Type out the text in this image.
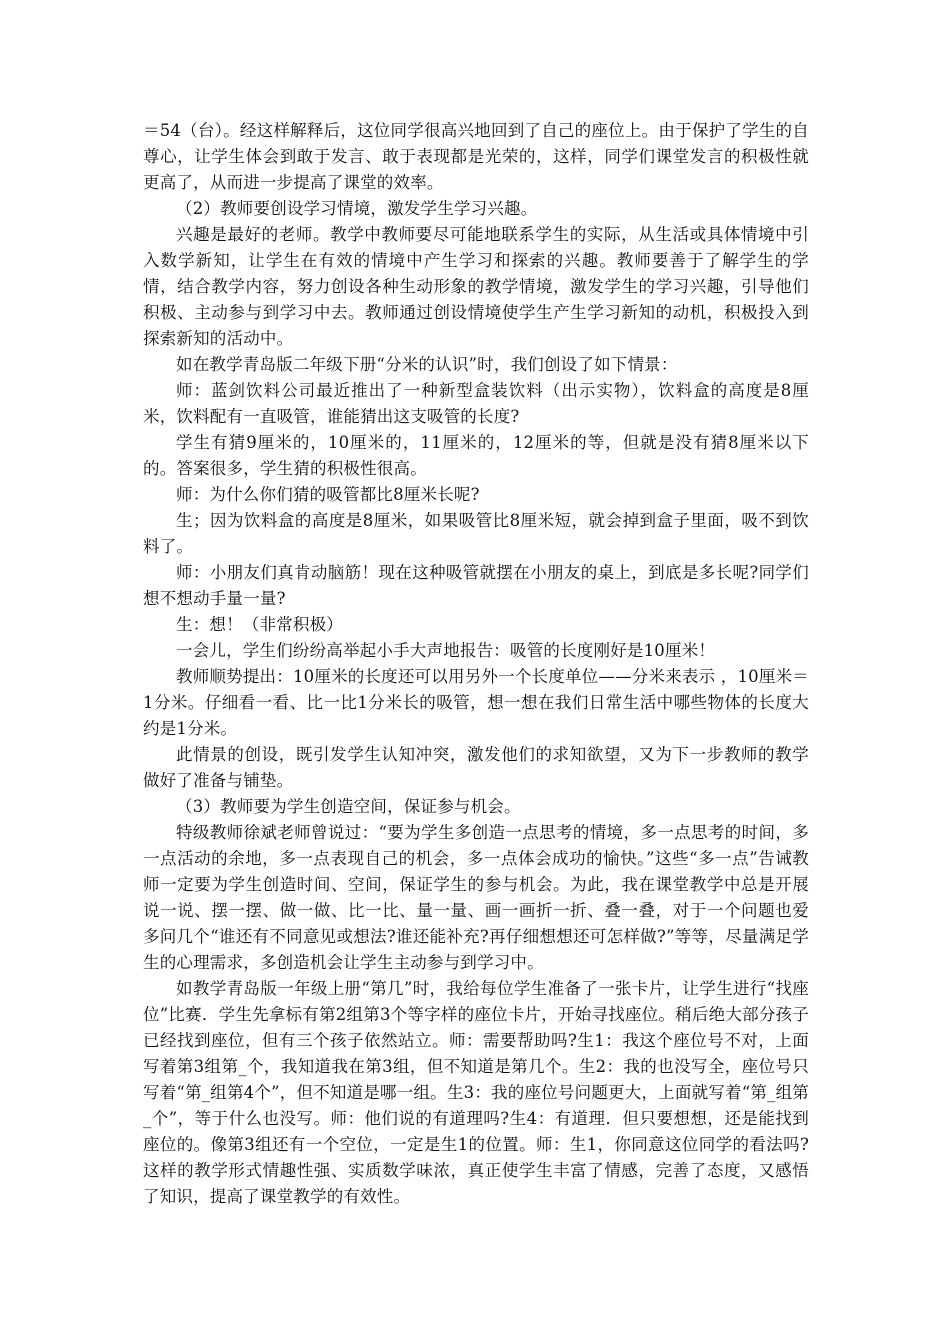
＝54（台）。经这样解释后，这位同学很高兴地回到了自己的座位上。由于保护了学生的自尊心，让学生体会到敢于发言、敢于表现都是光荣的，这样，同学们课堂发言的积极性就更高了，从而进一步提高了课堂的效率。

（2）教师要创设学习情境，激发学生学习兴趣。

兴趣是最好的老师。教学中教师要尽可能地联系学生的实际，从生活或具体情境中引入数学新知，让学生在有效的情境中产生学习和探索的兴趣。教师要善于了解学生的学情，结合教学内容，努力创设各种生动形象的教学情境，激发学生的学习兴趣，引导他们积极、主动参与到学习中去。教师通过创设情境使学生产生学习新知的动机，积极投入到探索新知的活动中。

如在教学青岛版二年级下册“分米的认识”时，我们创设了如下情景：

师：蓝剑饮料公司最近推出了一种新型盒装饮料（出示实物），饮料盒的高度是8厘米，饮料配有一直吸管，谁能猜出这支吸管的长度?

学生有猜9厘米的，10厘米的，11厘米的，12厘米的等，但就是没有猜8厘米以下的。答案很多，学生猜的积极性很高。

师：为什么你们猜的吸管都比8厘米长呢?

生；因为饮料盒的高度是8厘米，如果吸管比8厘米短，就会掉到盒子里面，吸不到饮料了。

师：小朋友们真肯动脑筋！现在这种吸管就摆在小朋友的桌上，到底是多长呢?同学们想不想动手量一量?

生：想！（非常积极）

一会儿，学生们纷纷高举起小手大声地报告：吸管的长度刚好是10厘米！

教师顺势提出：10厘米的长度还可以用另外一个长度单位——分米来表示 ，10厘米＝1分米。仔细看一看、比一比1分米长的吸管，想一想在我们日常生活中哪些物体的长度大约是1分米。

此情景的创设，既引发学生认知冲突，激发他们的求知欲望，又为下一步教师的教学做好了准备与铺垫。

（3）教师要为学生创造空间，保证参与机会。

特级教师徐斌老师曾说过：“要为学生多创造一点思考的情境，多一点思考的时间，多一点活动的余地，多一点表现自己的机会，多一点体会成功的愉快。”这些“多一点”告诫教师一定要为学生创造时间、空间，保证学生的参与机会。为此，我在课堂教学中总是开展说一说、摆一摆、做一做、比一比、量一量、画一画折一折、叠一叠，对于一个问题也爱多问几个“谁还有不同意见或想法?谁还能补充?再仔细想想还可怎样做?”等等，尽量满足学生的心理需求，多创造机会让学生主动参与到学习中。

如教学青岛版一年级上册“第几”时，我给每位学生准备了一张卡片，让学生进行“找座位”比赛．学生先拿标有第2组第3个等字样的座位卡片，开始寻找座位。稍后绝大部分孩子已经找到座位，但有三个孩子依然站立。师：需要帮助吗?生1：我这个座位号不对，上面写着第3组第_个，我知道我在第3组，但不知道是第几个。生2：我的也没写全，座位号只写着“第_组第4个”，但不知道是哪一组。生3：我的座位号问题更大，上面就写着“第_组第_个”，等于什么也没写。师：他们说的有道理吗?生4：有道理．但只要想想，还是能找到座位的。像第3组还有一个空位，一定是生1的位置。师：生1，你同意这位同学的看法吗?这样的教学形式情趣性强、实质数学味浓，真正使学生丰富了情感，完善了态度，又感悟了知识，提高了课堂教学的有效性。
